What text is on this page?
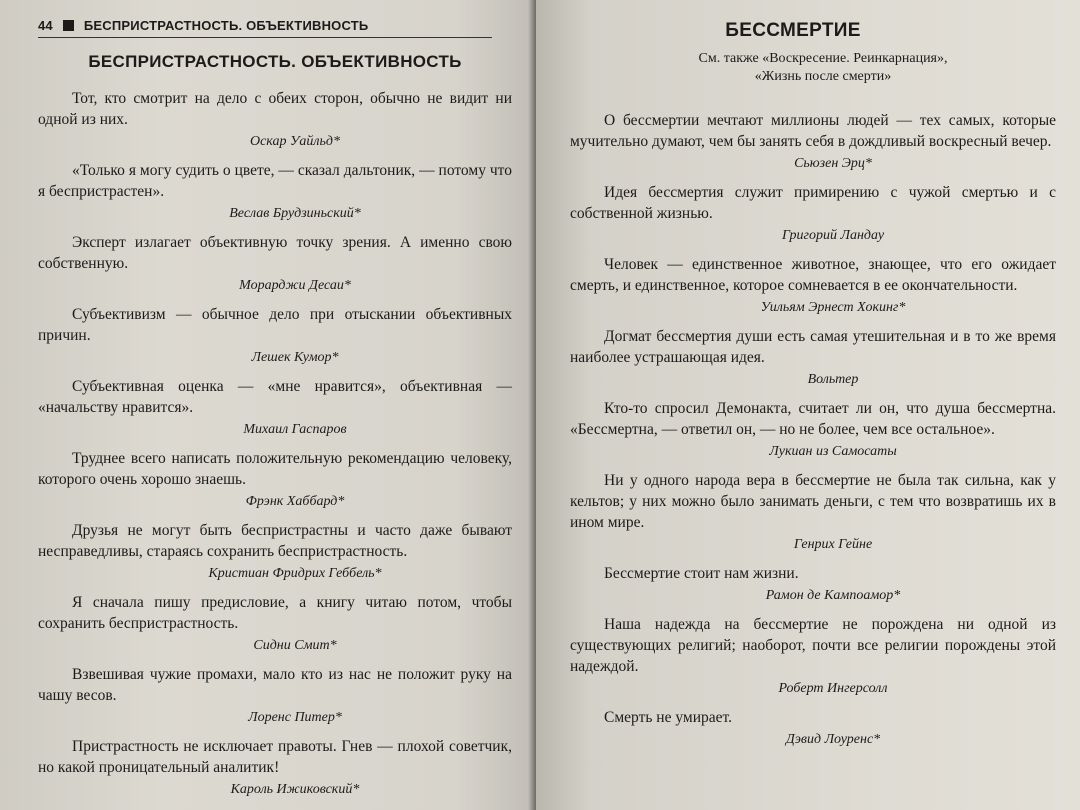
44 БЕСПРИСТРАСТНОСТЬ. ОБЪЕКТИВНОСТЬ
БЕСПРИСТРАСТНОСТЬ. ОБЪЕКТИВНОСТЬ

Тот, кто смотрит на дело с обеих сторон, обычно не видит ни одной из них.

Оскар Уайльд*

«Только я могу судить о цвете, — сказал дальтоник, — потому что я беспристрастен».

Веслав Брудзиньский*

Эксперт излагает объективную точку зрения. А именно свою собственную.

Морарджи Десаи*

Субъективизм — обычное дело при отыскании объективных причин.

Лешек Кумор*

Субъективная оценка — «мне нравится», объективная — «начальству нравится».

Михаил Гаспаров

Труднее всего написать положительную рекомендацию человеку, которого очень хорошо знаешь.

Фрэнк Хаббард*

Друзья не могут быть беспристрастны и часто даже бывают несправедливы, стараясь сохранить беспристрастность.

Кристиан Фридрих Геббель*

Я сначала пишу предисловие, а книгу читаю потом, чтобы сохранить беспристрастность.

Сидни Смит*

Взвешивая чужие промахи, мало кто из нас не положит руку на чашу весов.

Лоренс Питер*

Пристрастность не исключает правоты. Гнев — плохой советчик, но какой проницательный аналитик!

Кароль Ижиковский*
БЕССМЕРТИЕ
См. также «Воскресение. Реинкарнация»,
«Жизнь после смерти»

О бессмертии мечтают миллионы людей — тех самых, которые мучительно думают, чем бы занять себя в дождливый воскресный вечер.

Сьюзен Эрц*

Идея бессмертия служит примирению с чужой смертью и с собственной жизнью.

Григорий Ландау

Человек — единственное животное, знающее, что его ожидает смерть, и единственное, которое сомневается в ее окончательности.

Уильям Эрнест Хокинг*

Догмат бессмертия души есть самая утешительная и в то же время наиболее устрашающая идея.

Вольтер

Кто-то спросил Демонакта, считает ли он, что душа бессмертна. «Бессмертна, — ответил он, — но не более, чем все остальное».

Лукиан из Самосаты

Ни у одного народа вера в бессмертие не была так сильна, как у кельтов; у них можно было занимать деньги, с тем что возвратишь их в ином мире.

Генрих Гейне

Бессмертие стоит нам жизни.

Рамон де Кампоамор*

Наша надежда на бессмертие не порождена ни одной из существующих религий; наоборот, почти все религии порождены этой надеждой.

Роберт Ингерсолл

Смерть не умирает.

Дэвид Лоуренс*
